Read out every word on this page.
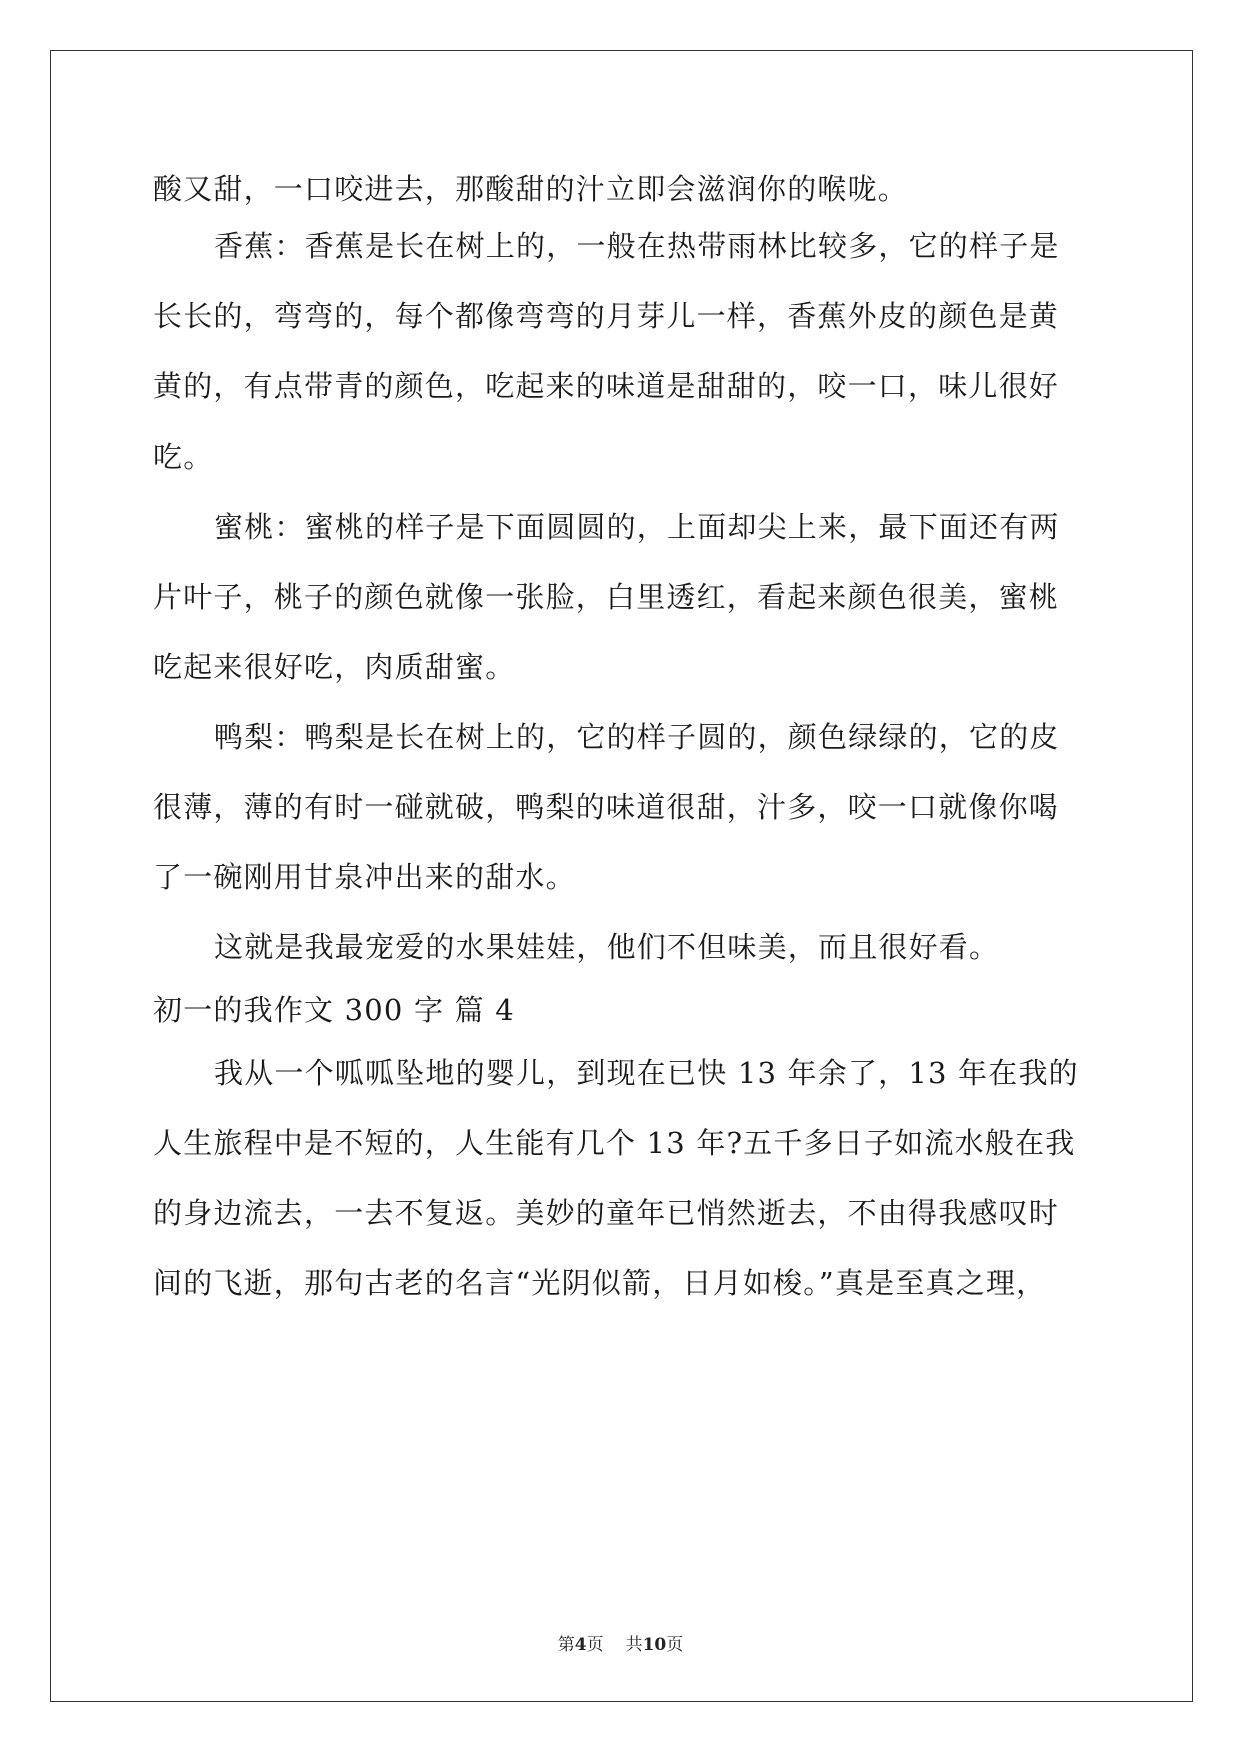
酸又甜，一口咬进去，那酸甜的汁立即会滋润你的喉咙。
香蕉：香蕉是长在树上的，一般在热带雨林比较多，它的样子是
长长的，弯弯的，每个都像弯弯的月芽儿一样，香蕉外皮的颜色是黄
黄的，有点带青的颜色，吃起来的味道是甜甜的，咬一口，味儿很好
吃。
蜜桃：蜜桃的样子是下面圆圆的，上面却尖上来，最下面还有两
片叶子，桃子的颜色就像一张脸，白里透红，看起来颜色很美，蜜桃
吃起来很好吃，肉质甜蜜。
鸭梨：鸭梨是长在树上的，它的样子圆的，颜色绿绿的，它的皮
很薄，薄的有时一碰就破，鸭梨的味道很甜，汁多，咬一口就像你喝
了一碗刚用甘泉冲出来的甜水。
这就是我最宠爱的水果娃娃，他们不但味美，而且很好看。
初一的我作文 300 字 篇 4
我从一个呱呱坠地的婴儿，到现在已快 13 年余了，13 年在我的
人生旅程中是不短的，人生能有几个 13 年?五千多日子如流水般在我
的身边流去，一去不复返。美妙的童年已悄然逝去，不由得我感叹时
间的飞逝，那句古老的名言“光阴似箭，日月如梭。”真是至真之理，
第4页 共10页
